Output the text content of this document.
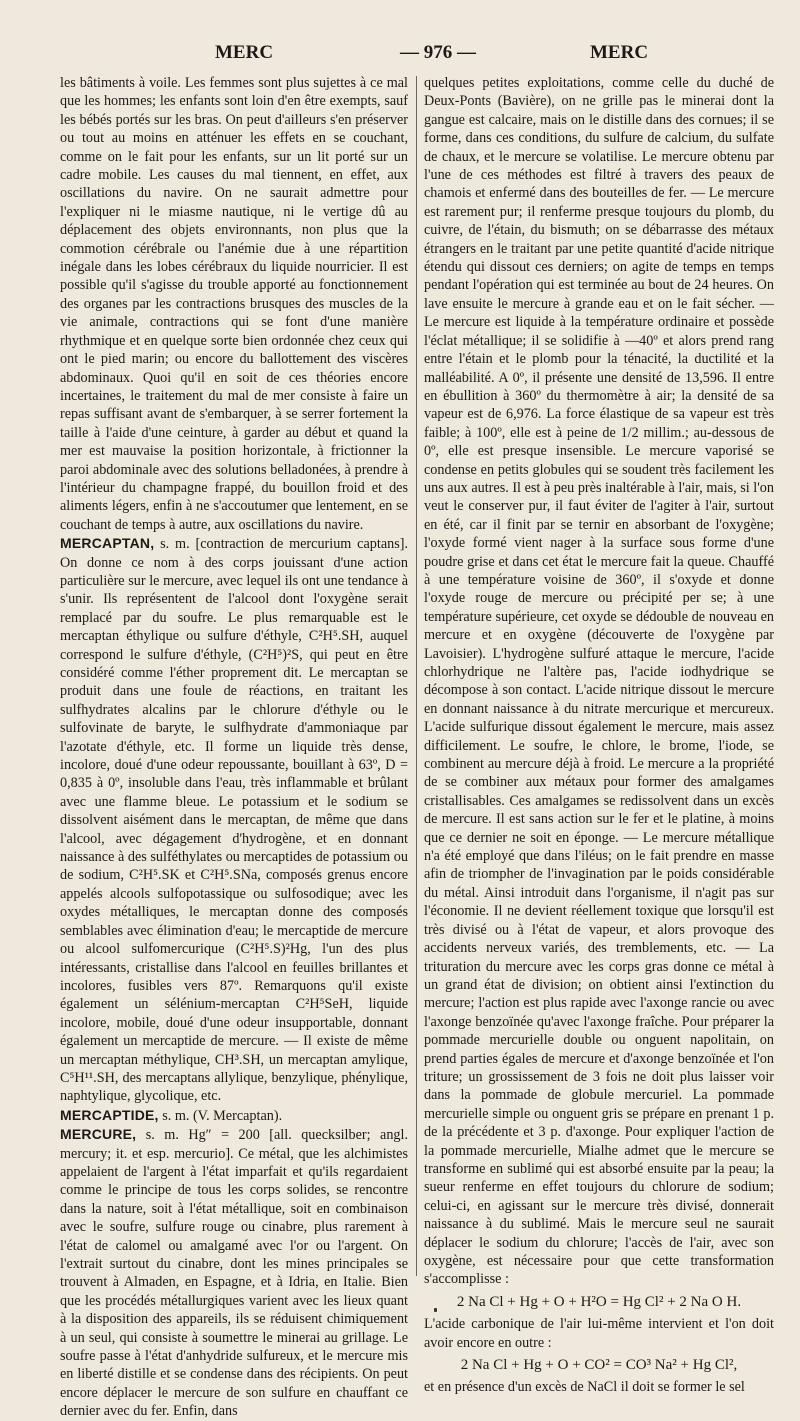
MERC	— 976 —	MERC

les bâtiments à voile. Les femmes sont plus sujettes à ce mal que les hommes; les enfants sont loin d'en être exempts, sauf les bébés portés sur les bras. On peut d'ailleurs s'en préserver ou tout au moins en atténuer les effets en se couchant, comme on le fait pour les enfants, sur un lit porté sur un cadre mobile. Les causes du mal tiennent, en effet, aux oscillations du navire. On ne saurait admettre pour l'expliquer ni le miasme nautique, ni le vertige dû au déplacement des objets environnants, non plus que la commotion cérébrale ou l'anémie due à une répartition inégale dans les lobes cérébraux du liquide nourricier. Il est possible qu'il s'agisse du trouble apporté au fonctionnement des organes par les contractions brusques des muscles de la vie animale, contractions qui se font d'une manière rhythmique et en quelque sorte bien ordonnée chez ceux qui ont le pied marin; ou encore du ballottement des viscères abdominaux. Quoi qu'il en soit de ces théories encore incertaines, le traitement du mal de mer consiste à faire un repas suffisant avant de s'embarquer, à se serrer fortement la taille à l'aide d'une ceinture, à garder au début et quand la mer est mauvaise la position horizontale, à frictionner la paroi abdominale avec des solutions belladonées, à prendre à l'intérieur du champagne frappé, du bouillon froid et des aliments légers, enfin à ne s'accoutumer que lentement, en se couchant de temps à autre, aux oscillations du navire.

MERCAPTAN, s. m. [contraction de mercurium captans]. On donne ce nom à des corps jouissant d'une action particulière sur le mercure, avec lequel ils ont une tendance à s'unir. Ils représentent de l'alcool dont l'oxygène serait remplacé par du soufre. Le plus remarquable est le mercaptan éthylique ou sulfure d'éthyle, C²H⁵.SH, auquel correspond le sulfure d'éthyle, (C²H⁵)²S, qui peut en être considéré comme l'éther proprement dit. Le mercaptan se produit dans une foule de réactions, en traitant les sulfhydrates alcalins par le chlorure d'éthyle ou le sulfovinate de baryte, le sulfhydrate d'ammoniaque par l'azotate d'éthyle, etc. Il forme un liquide très dense, incolore, doué d'une odeur repoussante, bouillant à 63º, D = 0,835 à 0º, insoluble dans l'eau, très inflammable et brûlant avec une flamme bleue. Le potassium et le sodium se dissolvent aisément dans le mercaptan, de même que dans l'alcool, avec dégagement d'hydrogène, et en donnant naissance à des sulféthylates ou mercaptides de potassium ou de sodium, C²H⁵.SK et C²H⁵.SNa, composés grenus encore appelés alcools sulfopotassique ou sulfosodique; avec les oxydes métalliques, le mercaptan donne des composés semblables avec élimination d'eau; le mercaptide de mercure ou alcool sulfomercurique (C²H⁵.S)²Hg, l'un des plus intéressants, cristallise dans l'alcool en feuilles brillantes et incolores, fusibles vers 87º. Remarquons qu'il existe également un sélénium-mercaptan C²H⁵SeH, liquide incolore, mobile, doué d'une odeur insupportable, donnant également un mercaptide de mercure. — Il existe de même un mercaptan méthylique, CH³.SH, un mercaptan amylique, C⁵H¹¹.SH, des mercaptans allylique, benzylique, phénylique, naphtylique, glycolique, etc.

MERCAPTIDE, s. m. (V. Mercaptan).

MERCURE, s. m. Hg″ = 200 [all. quecksilber; angl. mercury; it. et esp. mercurio]. Ce métal, que les alchimistes appelaient de l'argent à l'état imparfait et qu'ils regardaient comme le principe de tous les corps solides, se rencontre dans la nature, soit à l'état métallique, soit en combinaison avec le soufre, sulfure rouge ou cinabre, plus rarement à l'état de calomel ou amalgamé avec l'or ou l'argent. On l'extrait surtout du cinabre, dont les mines principales se trouvent à Almaden, en Espagne, et à Idria, en Italie. Bien que les procédés métallurgiques varient avec les lieux quant à la disposition des appareils, ils se réduisent chimiquement à un seul, qui consiste à soumettre le minerai au grillage. Le soufre passe à l'état d'anhydride sulfureux, et le mercure mis en liberté distille et se condense dans des récipients. On peut encore déplacer le mercure de son sulfure en chauffant ce dernier avec du fer. Enfin, dans

quelques petites exploitations, comme celle du duché de Deux-Ponts (Bavière), on ne grille pas le minerai dont la gangue est calcaire, mais on le distille dans des cornues; il se forme, dans ces conditions, du sulfure de calcium, du sulfate de chaux, et le mercure se volatilise. Le mercure obtenu par l'une de ces méthodes est filtré à travers des peaux de chamois et enfermé dans des bouteilles de fer. — Le mercure est rarement pur; il renferme presque toujours du plomb, du cuivre, de l'étain, du bismuth; on se débarrasse des métaux étrangers en le traitant par une petite quantité d'acide nitrique étendu qui dissout ces derniers; on agite de temps en temps pendant l'opération qui est terminée au bout de 24 heures. On lave ensuite le mercure à grande eau et on le fait sécher. — Le mercure est liquide à la température ordinaire et possède l'éclat métallique; il se solidifie à —40º et alors prend rang entre l'étain et le plomb pour la ténacité, la ductilité et la malléabilité. A 0º, il présente une densité de 13,596. Il entre en ébullition à 360º du thermomètre à air; la densité de sa vapeur est de 6,976. La force élastique de sa vapeur est très faible; à 100º, elle est à peine de 1/2 millim.; au-dessous de 0º, elle est presque insensible. Le mercure vaporisé se condense en petits globules qui se soudent très facilement les uns aux autres. Il est à peu près inaltérable à l'air, mais, si l'on veut le conserver pur, il faut éviter de l'agiter à l'air, surtout en été, car il finit par se ternir en absorbant de l'oxygène; l'oxyde formé vient nager à la surface sous forme d'une poudre grise et dans cet état le mercure fait la queue. Chauffé à une température voisine de 360º, il s'oxyde et donne l'oxyde rouge de mercure ou précipité per se; à une température supérieure, cet oxyde se dédouble de nouveau en mercure et en oxygène (découverte de l'oxygène par Lavoisier). L'hydrogène sulfuré attaque le mercure, l'acide chlorhydrique ne l'altère pas, l'acide iodhydrique se décompose à son contact. L'acide nitrique dissout le mercure en donnant naissance à du nitrate mercurique et mercureux. L'acide sulfurique dissout également le mercure, mais assez difficilement. Le soufre, le chlore, le brome, l'iode, se combinent au mercure déjà à froid. Le mercure a la propriété de se combiner aux métaux pour former des amalgames cristallisables. Ces amalgames se redissolvent dans un excès de mercure. Il est sans action sur le fer et le platine, à moins que ce dernier ne soit en éponge. — Le mercure métallique n'a été employé que dans l'iléus; on le fait prendre en masse afin de triompher de l'invagination par le poids considérable du métal. Ainsi introduit dans l'organisme, il n'agit pas sur l'économie. Il ne devient réellement toxique que lorsqu'il est très divisé ou à l'état de vapeur, et alors provoque des accidents nerveux variés, des tremblements, etc. — La trituration du mercure avec les corps gras donne ce métal à un grand état de division; on obtient ainsi l'extinction du mercure; l'action est plus rapide avec l'axonge rancie ou avec l'axonge benzoïnée qu'avec l'axonge fraîche. Pour préparer la pommade mercurielle double ou onguent napolitain, on prend parties égales de mercure et d'axonge benzoïnée et l'on triture; un grossissement de 3 fois ne doit plus laisser voir dans la pommade de globule mercuriel. La pommade mercurielle simple ou onguent gris se prépare en prenant 1 p. de la précédente et 3 p. d'axonge. Pour expliquer l'action de la pommade mercurielle, Mialhe admet que le mercure se transforme en sublimé qui est absorbé ensuite par la peau; la sueur renferme en effet toujours du chlorure de sodium; celui-ci, en agissant sur le mercure très divisé, donnerait naissance à du sublimé. Mais le mercure seul ne saurait déplacer le sodium du chlorure; l'accès de l'air, avec son oxygène, est nécessaire pour que cette transformation s'accomplisse :

2 Na Cl + Hg + O + H²O = Hg Cl² + 2 Na O H.

L'acide carbonique de l'air lui-même intervient et l'on doit avoir encore en outre :

2 Na Cl + Hg + O + CO² = CO³ Na² + Hg Cl²,

et en présence d'un excès de NaCl il doit se former le sel
